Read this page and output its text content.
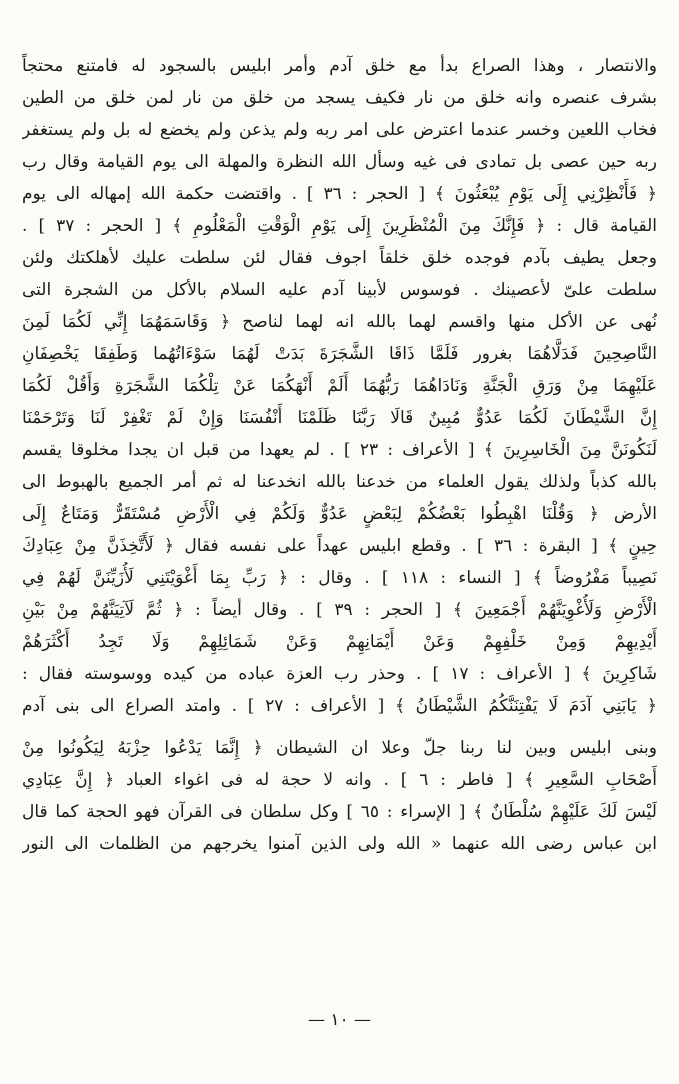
والانتصار ، وهذا الصراع بدأ مع خلق آدم وأمر ابليس بالسجود له فامتنع محتجاً
بشرف عنصره وانه خلق من نار فكيف يسجد من خلق من نار لمن خلق من الطين
فخاب اللعين وخسر عندما اعترض على امر ربه ولم يذعن ولم يخضع له بل ولم يستغفر
ربه حين عصى بل تمادى فى غيه وسأل الله النظرة والمهلة الى يوم القيامة وقال رب
﴿ فَأَنْظِرْنِي إِلَى يَوْمِ يُبْعَثُونَ ﴾ [ الحجر : ٣٦ ] . واقتضت حكمة الله إمهاله الى يوم
القيامة قال : ﴿ فَإِنَّكَ مِنَ الْمُنْظَرِينَ إِلَى يَوْمِ الْوَقْتِ الْمَعْلُومِ ﴾ [ الحجر : ٣٧ ] .
وجعل يطيف بآدم فوجده خلق خلقاً اجوف فقال لئن سلطت عليك لأهلكتك ولئن
سلطت علىّ لأعصينك . فوسوس لأبينا آدم عليه السلام بالأكل من الشجرة التى
نُهى عن الأكل منها واقسم لهما بالله انه لهما لناصح ﴿ وَقَاسَمَهُمَا إِنِّي لَكُمَا لَمِنَ
النَّاصِحِينَ فَدَلَّاهُمَا بغرور فَلَمَّا ذَاقَا الشَّجَرَةَ بَدَتْ لَهُمَا سَوْءَاتُهُما وَطَفِقَا يَخْصِفَانِ
عَلَيْهِمَا مِنْ وَرَقِ الْجَنَّةِ وَنَادَاهُمَا رَبُّهُمَا أَلَمْ أَنْهَكُمَا عَنْ تِلْكُمَا الشَّجَرَةِ وَأَقُلْ لَكُمَا
إِنَّ الشَّيْطَانَ لَكُمَا عَدُوٌّ مُبِينٌ قَالَا رَبَّنَا ظَلَمْنَا أَنْفُسَنَا وَإِنْ لَمْ تَغْفِرْ لَنَا وَتَرْحَمْنَا
لَنَكُونَنَّ مِنَ الْخَاسِرِينَ ﴾ [ الأعراف : ٢٣ ] . لم يعهدا من قبل ان يجدا مخلوقا يقسم
بالله كذباً ولذلك يقول العلماء من خدعنا بالله انخدعنا له ثم أمر الجميع بالهبوط الى
الأرض ﴿ وَقُلْنَا اهْبِطُوا بَعْضُكُمْ لِبَعْضٍ عَدُوٌّ وَلَكُمْ فِي الْأَرْضِ مُسْتَقَرٌّ وَمَتَاعٌ إِلَى
حِينٍ ﴾ [ البقرة : ٣٦ ] . وقطع ابليس عهداً على نفسه فقال ﴿ لَأَتَّخِذَنَّ مِنْ عِبَادِكَ
نَصِيباً مَفْرُوضاً ﴾ [ النساء : ١١٨ ] . وقال : ﴿ رَبِّ بِمَا أَغْوَيْتَنِي لَأُزَيِّنَنَّ لَهُمْ فِي
الْأَرْضِ وَلَأُغْوِيَنَّهُمْ أَجْمَعِينَ ﴾ [ الحجر : ٣٩ ] . وقال أيضاً : ﴿ ثُمَّ لَآتِيَنَّهُمْ مِنْ بَيْنِ
أَيْدِيهِمْ وَمِنْ خَلْفِهِمْ وَعَنْ أَيْمَانِهِمْ وَعَنْ شَمَائِلِهِمْ وَلَا تَجِدُ أَكْثَرَهُمْ
شَاكِرِينَ ﴾ [ الأعراف : ١٧ ] . وحذر رب العزة عباده من كيده ووسوسته فقال :
﴿ يَابَنِي آدَمَ لَا يَفْتِنَنَّكُمُ الشَّيْطَانُ ﴾ [ الأعراف : ٢٧ ] . وامتد الصراع الى بنى آدم
وبنى ابليس وبين لنا ربنا جلّ وعلا ان الشيطان ﴿ إِنَّمَا يَدْعُوا حِزْبَهُ لِيَكُونُوا مِنْ
أَصْحَابِ السَّعِيرِ ﴾ [ فاطر : ٦ ] . وانه لا حجة له فى اغواء العباد ﴿ إِنَّ عِبَادِي
لَيْسَ لَكَ عَلَيْهِمْ سُلْطَانٌ ﴾ [ الإسراء : ٦٥ ] وكل سلطان فى القرآن فهو الحجة كما قال
ابن عباس رضى الله عنهما « الله ولى الذين آمنوا يخرجهم من الظلمات الى النور
— ١٠ —
